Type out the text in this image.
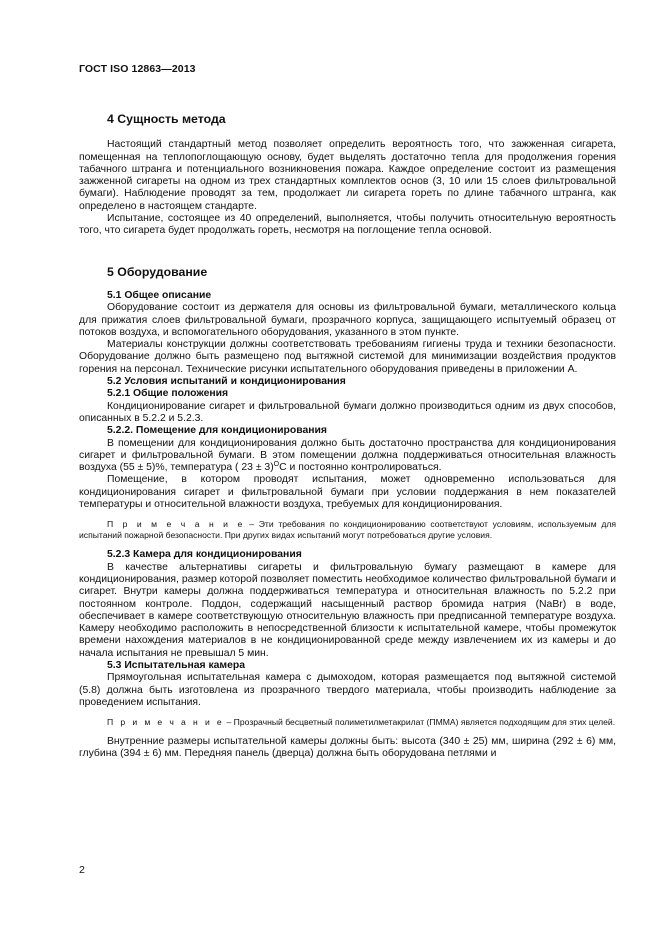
ГОСТ ISO 12863—2013
4 Сущность метода

Настоящий стандартный метод позволяет определить вероятность того, что зажженная сигарета, помещенная на теплопоглощающую основу, будет выделять достаточно тепла для продолжения горения табачного штранга и потенциального возникновения пожара. Каждое определение состоит из размещения зажженной сигареты на одном из трех стандартных комплектов основ (3, 10 или 15 слоев фильтровальной бумаги). Наблюдение проводят за тем, продолжает ли сигарета гореть по длине табачного штранга, как определено в настоящем стандарте.

Испытание, состоящее из 40 определений, выполняется, чтобы получить относительную вероятность того, что сигарета будет продолжать гореть, несмотря на поглощение тепла основой.

5 Оборудование
5.1 Общее описание

Оборудование состоит из держателя для основы из фильтровальной бумаги, металлического кольца для прижатия слоев фильтровальной бумаги, прозрачного корпуса, защищающего испытуемый образец от потоков воздуха, и вспомогательного оборудования, указанного в этом пункте.

Материалы конструкции должны соответствовать требованиям гигиены труда и техники безопасности. Оборудование должно быть размещено под вытяжной системой для минимизации воздействия продуктов горения на персонал. Технические рисунки испытательного оборудования приведены в приложении А.

5.2 Условия испытаний и кондиционирования
5.2.1 Общие положения

Кондиционирование сигарет и фильтровальной бумаги должно производиться одним из двух способов, описанных в 5.2.2 и 5.2.3.

5.2.2. Помещение для кондиционирования

В помещении для кондиционирования должно быть достаточно пространства для кондиционирования сигарет и фильтровальной бумаги. В этом помещении должна поддерживаться относительная влажность воздуха (55 ± 5)%, температура ( 23 ± 3)$^O$C и постоянно контролироваться.

Помещение, в котором проводят испытания, может одновременно использоваться для кондиционирования сигарет и фильтровальной бумаги при условии поддержания в нем показателей температуры и относительной влажности воздуха, требуемых для кондиционирования.

П р и м е ч а н и е – Эти требования по кондиционированию соответствуют условиям, используемым для испытаний пожарной безопасности. При других видах испытаний могут потребоваться другие условия.
5.2.3 Камера для кондиционирования

В качестве альтернативы сигареты и фильтровальную бумагу размещают в камере для кондиционирования, размер которой позволяет поместить необходимое количество фильтровальной бумаги и сигарет. Внутри камеры должна поддерживаться температура и относительная влажность по 5.2.2 при постоянном контроле. Поддон, содержащий насыщенный раствор бромида натрия (NaBr) в воде, обеспечивает в камере соответствующую относительную влажность при предписанной температуре воздуха. Камеру необходимо расположить в непосредственной близости к испытательной камере, чтобы промежуток времени нахождения материалов в не кондиционированной среде между извлечением их из камеры и до начала испытания не превышал 5 мин.

5.3 Испытательная камера

Прямоугольная испытательная камера с дымоходом, которая размещается под вытяжной системой (5.8) должна быть изготовлена из прозрачного твердого материала, чтобы производить наблюдение за проведением испытания.

П р и м е ч а н и е – Прозрачный бесцветный полиметилметакрилат (ПММА) является подходящим для этих целей.

Внутренние размеры испытательной камеры должны быть: высота (340 ± 25) мм, ширина (292 ± 6) мм, глубина (394 ± 6) мм. Передняя панель (дверца) должна быть оборудована петлями и

2
